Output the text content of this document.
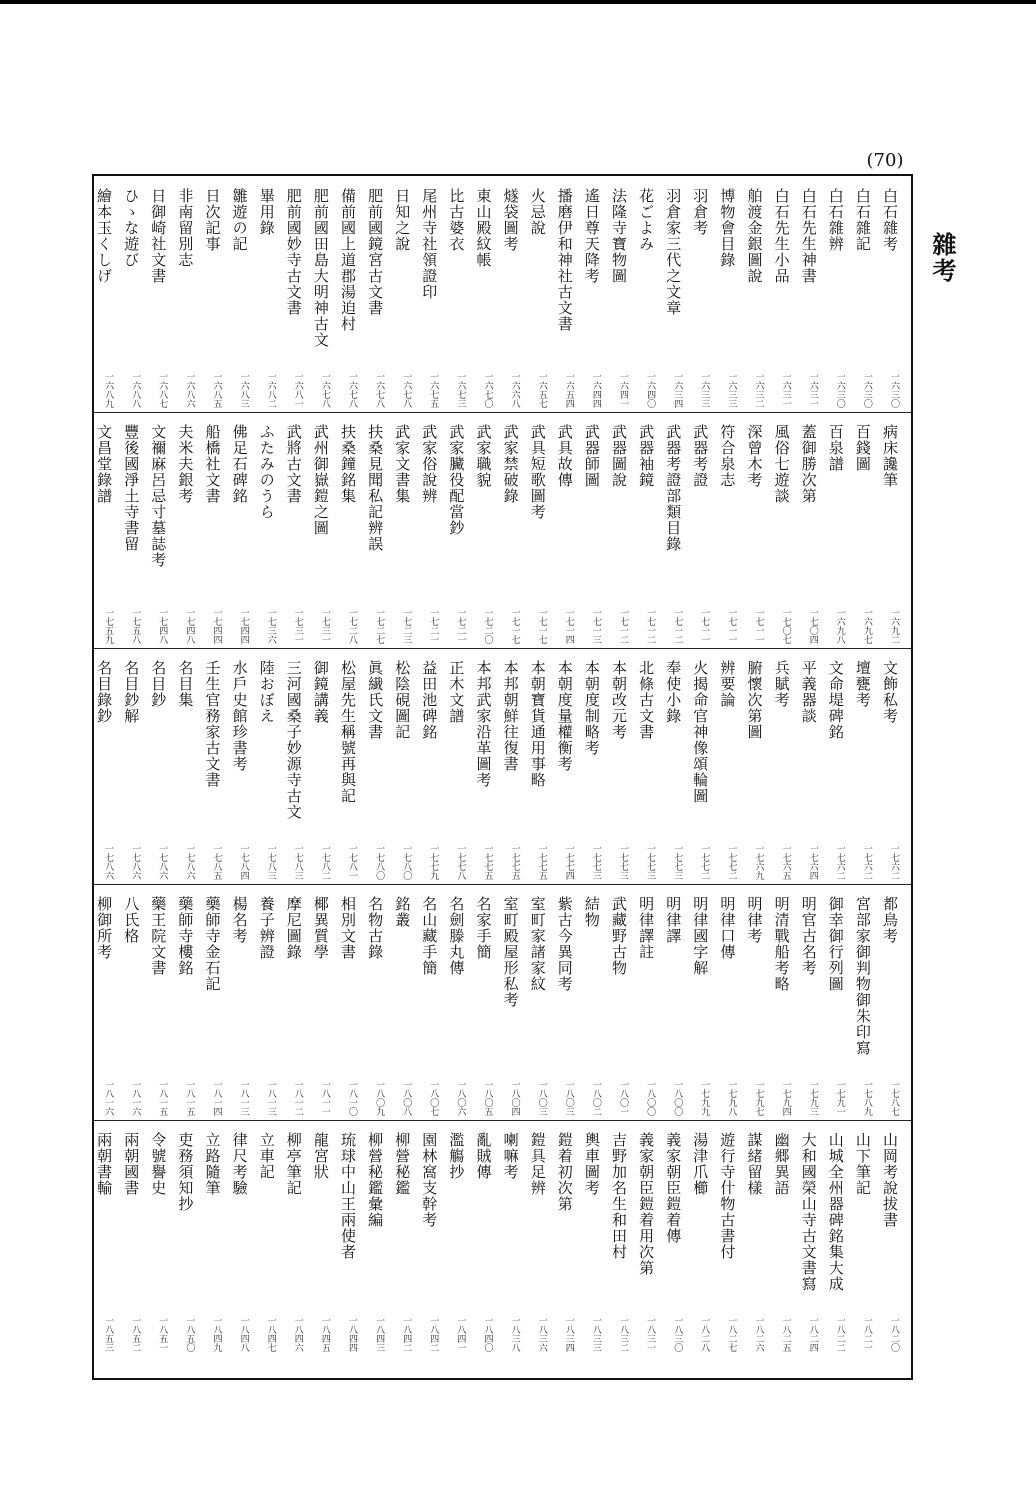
(70)
雜考
白石雜考
一六三〇
白石雜記
一六三〇
白石雜辨
一六三〇
白石先生神書
一六三一
白石先生小品
一六三一
舶渡金銀圖說
一六三二
博物會目錄
一六三三
羽倉考
一六三三
羽倉家三代之文章
一六三四
花ごよみ
一六四〇
法隆寺寶物圖
一六四一
遙日尊天降考
一六四四
播磨伊和神社古文書
一六五四
火忌說
一六五七
燧袋圖考
一六六八
東山殿紋帳
一六七〇
比古婆衣
一六七三
尾州寺社領證印
一六七五
日知之說
一六七八
肥前國鏡宮古文書
一六七八
備前國上道郡湯迫村
一六七八
肥前國田島大明神古文
一六七八
肥前國妙寺古文書
一六八一
畢用錄
一六八二
雛遊の記
一六八三
日次記事
一六八五
非南留別志
一六八六
日御崎社文書
一六八七
ひゝな遊び
一六八八
繪本玉くしげ
一六八九
病床讒筆
一六九二
百錢圖
一六九七
百泉譜
一六九八
蓋御勝次第
一七〇四
風俗七遊談
一七〇七
深曾木考
一七一一
符合泉志
一七一一
武器考證
一七一一
武器考證部類目錄
一七一二
武器袖鏡
一七一二
武器圖說
一七一二
武器師圖
一七一三
武具故傳
一七一四
武具短歌圖考
一七一七
武家禁破錄
一七一七
武家職貌
一七二〇
武家臟役配當鈔
一七二一
武家俗說辨
一七二一
武家文書集
一七二三
扶桑見聞私記辨誤
一七二七
扶桑鐘銘集
一七二八
武州御嶽鎧之圖
一七三一
武將古文書
一七三一
ふたみのうら
一七三六
佛足石碑銘
一七四四
船橋社文書
一七四四
夫米夫銀考
一七四八
文禰麻呂忌寸墓誌考
一七四八
豐後國淨土寺書留
一七五八
文昌堂錄譜
一七五九
文飾私考
一七六二
壇甕考
一七六二
文命堤碑銘
一七六二
平義器談
一七六四
兵賦考
一七六五
腑懷次第圖
一七六九
辨要論
一七七二
火揭命官神像頌輪圖
一七七二
奉使小錄
一七七三
北條古文書
一七七三
本朝改元考
一七七三
本朝度制略考
一七七三
本朝度量權衡考
一七七四
本朝寶貨通用事略
一七七五
本邦朝鮮往復書
一七七五
本邦武家沿革圖考
一七七五
正木文譜
一七七八
益田池碑銘
一七七九
松陰硯圖記
一七八〇
眞繊氏文書
一七八〇
松屋先生稱號再與記
一七八一
御鏡講義
一七八二
三河國桑子妙源寺古文
一七八三
陸おぼえ
一七八三
水戶史館珍書考
一七八四
壬生官務家古文書
一七八五
名目集
一七八六
名目鈔
一七八六
名目鈔解
一七八六
名目錄鈔
一七八六
都鳥考
一七八七
宮部家御判物御朱印寫
一七八九
御幸御行列圖
一七九一
明官古名考
一七九三
明清戰船考略
一七九四
明律考
一七九七
明律口傳
一七九八
明律國字解
一七九九
明律譯
一八〇〇
明律譯註
一八〇〇
武藏野古物
一八〇一
結物
一八〇二
紫古今異同考
一八〇三
室町家諸家紋
一八〇三
室町殿屋形私考
一八〇四
名家手簡
一八〇五
名劍滕丸傳
一八〇六
名山藏手簡
一八〇七
銘叢
一八〇八
名物古錄
一八〇九
相別文書
一八一〇
椰異質學
一八一一
摩尼圖錄
一八一二
養子辨證
一八一三
楊名考
一八一三
藥師寺金石記
一八一四
藥師寺樓銘
一八一五
藥王院文書
一八一五
八氏格
一八一六
柳御所考
一八一六
山岡考說拔書
一八二〇
山下筆記
一八二一
山城全州器碑銘集大成
一八二二
大和國榮山寺古文書寫
一八二四
幽郷異語
一八二五
謀緒留樣
一八二六
遊行寺什物古書付
一八二七
湯津爪櫛
一八二八
義家朝臣鎧着傳
一八三〇
義家朝臣鎧着用次第
一八三一
吉野加名生和田村
一八三二
輿車圖考
一八三三
鎧着初次第
一八三四
鎧具足辨
一八三六
喇嘛考
一八三八
亂賊傳
一八四〇
濫觴抄
一八四一
園林窩支幹考
一八四二
柳營秘鑑
一八四二
柳營秘鑑彙編
一八四三
琉球中山王兩使者
一八四四
龍宮狀
一八四五
柳亭筆記
一八四六
立車記
一八四七
律尺考驗
一八四八
立路隨筆
一八四九
吏務須知抄
一八五〇
令號譽史
一八五一
兩朝國書
一八五二
兩朝書輸
一八五三
